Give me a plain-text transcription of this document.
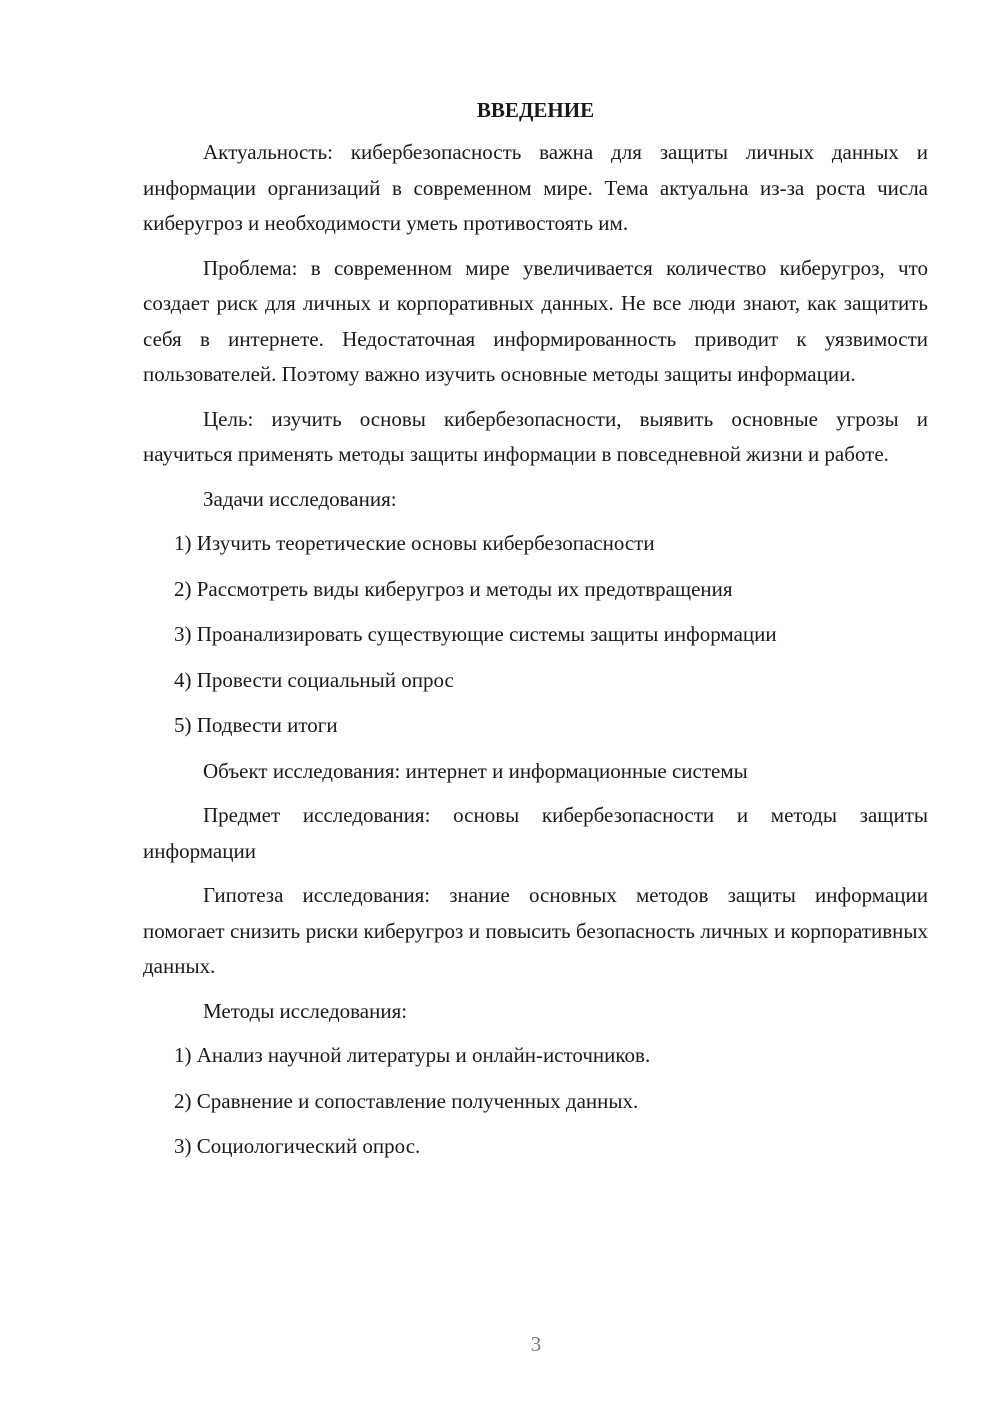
ВВЕДЕНИЕ

Актуальность: кибербезопасность важна для защиты личных данных и информации организаций в современном мире. Тема актуальна из-за роста числа киберугроз и необходимости уметь противостоять им.

Проблема: в современном мире увеличивается количество киберугроз, что создает риск для личных и корпоративных данных. Не все люди знают, как защитить себя в интернете. Недостаточная информированность приводит к уязвимости пользователей. Поэтому важно изучить основные методы защиты информации.

Цель: изучить основы кибербезопасности, выявить основные угрозы и научиться применять методы защиты информации в повседневной жизни и работе.

Задачи исследования:

1) Изучить теоретические основы кибербезопасности
2) Рассмотреть виды киберугроз и методы их предотвращения
3) Проанализировать существующие системы защиты информации
4) Провести социальный опрос
5) Подвести итоги

Объект исследования: интернет и информационные системы

Предмет исследования: основы кибербезопасности и методы защиты информации

Гипотеза исследования: знание основных методов защиты информации помогает снизить риски киберугроз и повысить безопасность личных и корпоративных данных.

Методы исследования:

1) Анализ научной литературы и онлайн-источников.
2) Сравнение и сопоставление полученных данных.
3) Социологический опрос.
3
